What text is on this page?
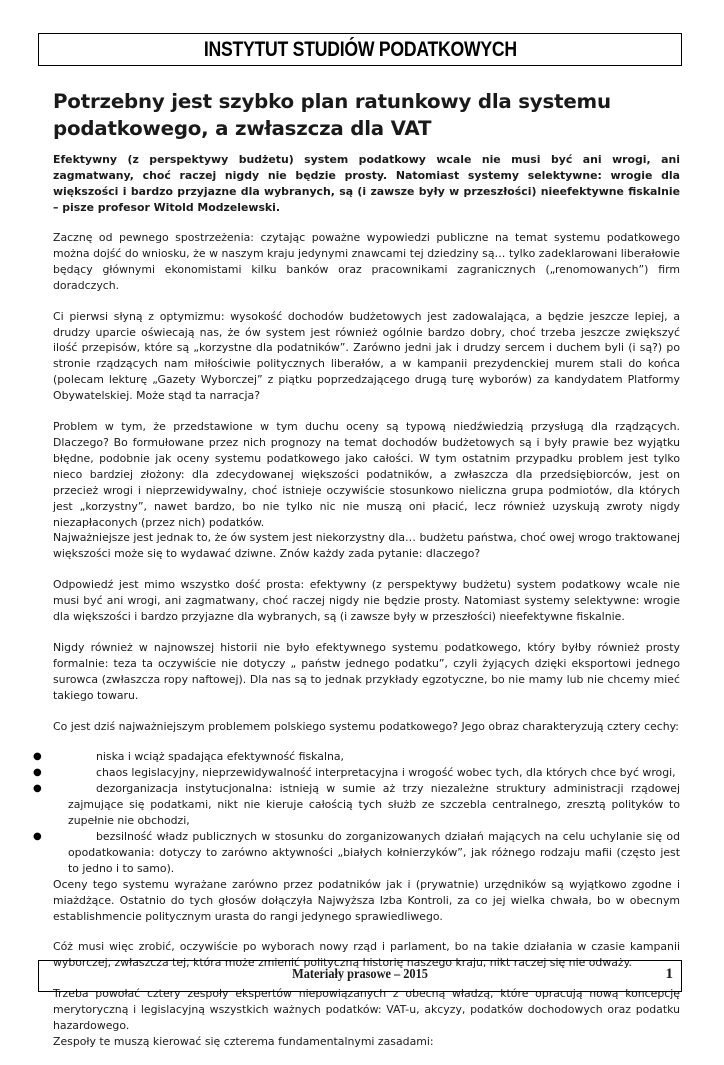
INSTYTUT STUDIÓW PODATKOWYCH
Potrzebny jest szybko plan ratunkowy dla systemu podatkowego, a zwłaszcza dla VAT

Efektywny (z perspektywy budżetu) system podatkowy wcale nie musi być ani wrogi, ani zagmatwany, choć raczej nigdy nie będzie prosty. Natomiast systemy selektywne: wrogie dla większości i bardzo przyjazne dla wybranych, są (i zawsze były w przeszłości) nieefektywne fiskalnie – pisze profesor Witold Modzelewski.

Zacznę od pewnego spostrzeżenia: czytając poważne wypowiedzi publiczne na temat systemu podatkowego można dojść do wniosku, że w naszym kraju jedynymi znawcami tej dziedziny są… tylko zadeklarowani liberałowie będący głównymi ekonomistami kilku banków oraz pracownikami zagranicznych („renomowanych”) firm doradczych.

Ci pierwsi słyną z optymizmu: wysokość dochodów budżetowych jest zadowalająca, a będzie jeszcze lepiej, a drudzy uparcie oświecają nas, że ów system jest również ogólnie bardzo dobry, choć trzeba jeszcze zwiększyć ilość przepisów, które są „korzystne dla podatników”. Zarówno jedni jak i drudzy sercem i duchem byli (i są?) po stronie rządzących nam miłościwie politycznych liberałów, a w kampanii prezydenckiej murem stali do końca (polecam lekturę „Gazety Wyborczej” z piątku poprzedzającego drugą turę wyborów) za kandydatem Platformy Obywatelskiej. Może stąd ta narracja?

Problem w tym, że przedstawione w tym duchu oceny są typową niedźwiedzią przysługą dla rządzących. Dlaczego? Bo formułowane przez nich prognozy na temat dochodów budżetowych są i były prawie bez wyjątku błędne, podobnie jak oceny systemu podatkowego jako całości. W tym ostatnim przypadku problem jest tylko nieco bardziej złożony: dla zdecydowanej większości podatników, a zwłaszcza dla przedsiębiorców, jest on przecież wrogi i nieprzewidywalny, choć istnieje oczywiście stosunkowo nieliczna grupa podmiotów, dla których jest „korzystny”, nawet bardzo, bo nie tylko nic nie muszą oni płacić, lecz również uzyskują zwroty nigdy niezapłaconych (przez nich) podatków.

Najważniejsze jest jednak to, że ów system jest niekorzystny dla… budżetu państwa, choć owej wrogo traktowanej większości może się to wydawać dziwne. Znów każdy zada pytanie: dlaczego?

Odpowiedź jest mimo wszystko dość prosta: efektywny (z perspektywy budżetu) system podatkowy wcale nie musi być ani wrogi, ani zagmatwany, choć raczej nigdy nie będzie prosty. Natomiast systemy selektywne: wrogie dla większości i bardzo przyjazne dla wybranych, są (i zawsze były w przeszłości) nieefektywne fiskalnie.

Nigdy również w najnowszej historii nie było efektywnego systemu podatkowego, który byłby również prosty formalnie: teza ta oczywiście nie dotyczy „ państw jednego podatku”, czyli żyjących dzięki eksportowi jednego surowca (zwłaszcza ropy naftowej). Dla nas są to jednak przykłady egzotyczne, bo nie mamy lub nie chcemy mieć takiego towaru.

Co jest dziś najważniejszym problemem polskiego systemu podatkowego? Jego obraz charakteryzują cztery cechy:

●	niska i wciąż spadająca efektywność fiskalna,
●	chaos legislacyjny, nieprzewidywalność interpretacyjna i wrogość wobec tych, dla których chce być wrogi,
●	dezorganizacja instytucjonalna: istnieją w sumie aż trzy niezależne struktury administracji rządowej zajmujące się podatkami, nikt nie kieruje całością tych służb ze szczebla centralnego, zresztą polityków to zupełnie nie obchodzi,
●	bezsilność władz publicznych w stosunku do zorganizowanych działań mających na celu uchylanie się od opodatkowania: dotyczy to zarówno aktywności „białych kołnierzyków”, jak różnego rodzaju mafii (często jest to jedno i to samo).

Oceny tego systemu wyrażane zarówno przez podatników jak i (prywatnie) urzędników są wyjątkowo zgodne i miażdżące. Ostatnio do tych głosów dołączyła Najwyższa Izba Kontroli, za co jej wielka chwała, bo w obecnym establishmencie politycznym urasta do rangi jedynego sprawiedliwego.

Cóż musi więc zrobić, oczywiście po wyborach nowy rząd i parlament, bo na takie działania w czasie kampanii wyborczej, zwłaszcza tej, która może zmienić polityczną historię naszego kraju, nikt raczej się nie odważy.

Trzeba powołać cztery zespoły ekspertów niepowiązanych z obecną władzą, które opracują nową koncepcję merytoryczną i legislacyjną wszystkich ważnych podatków: VAT-u, akcyzy, podatków dochodowych oraz podatku hazardowego.

Zespoły te muszą kierować się czterema fundamentalnymi zasadami:

Materiały prasowe – 2015	1
